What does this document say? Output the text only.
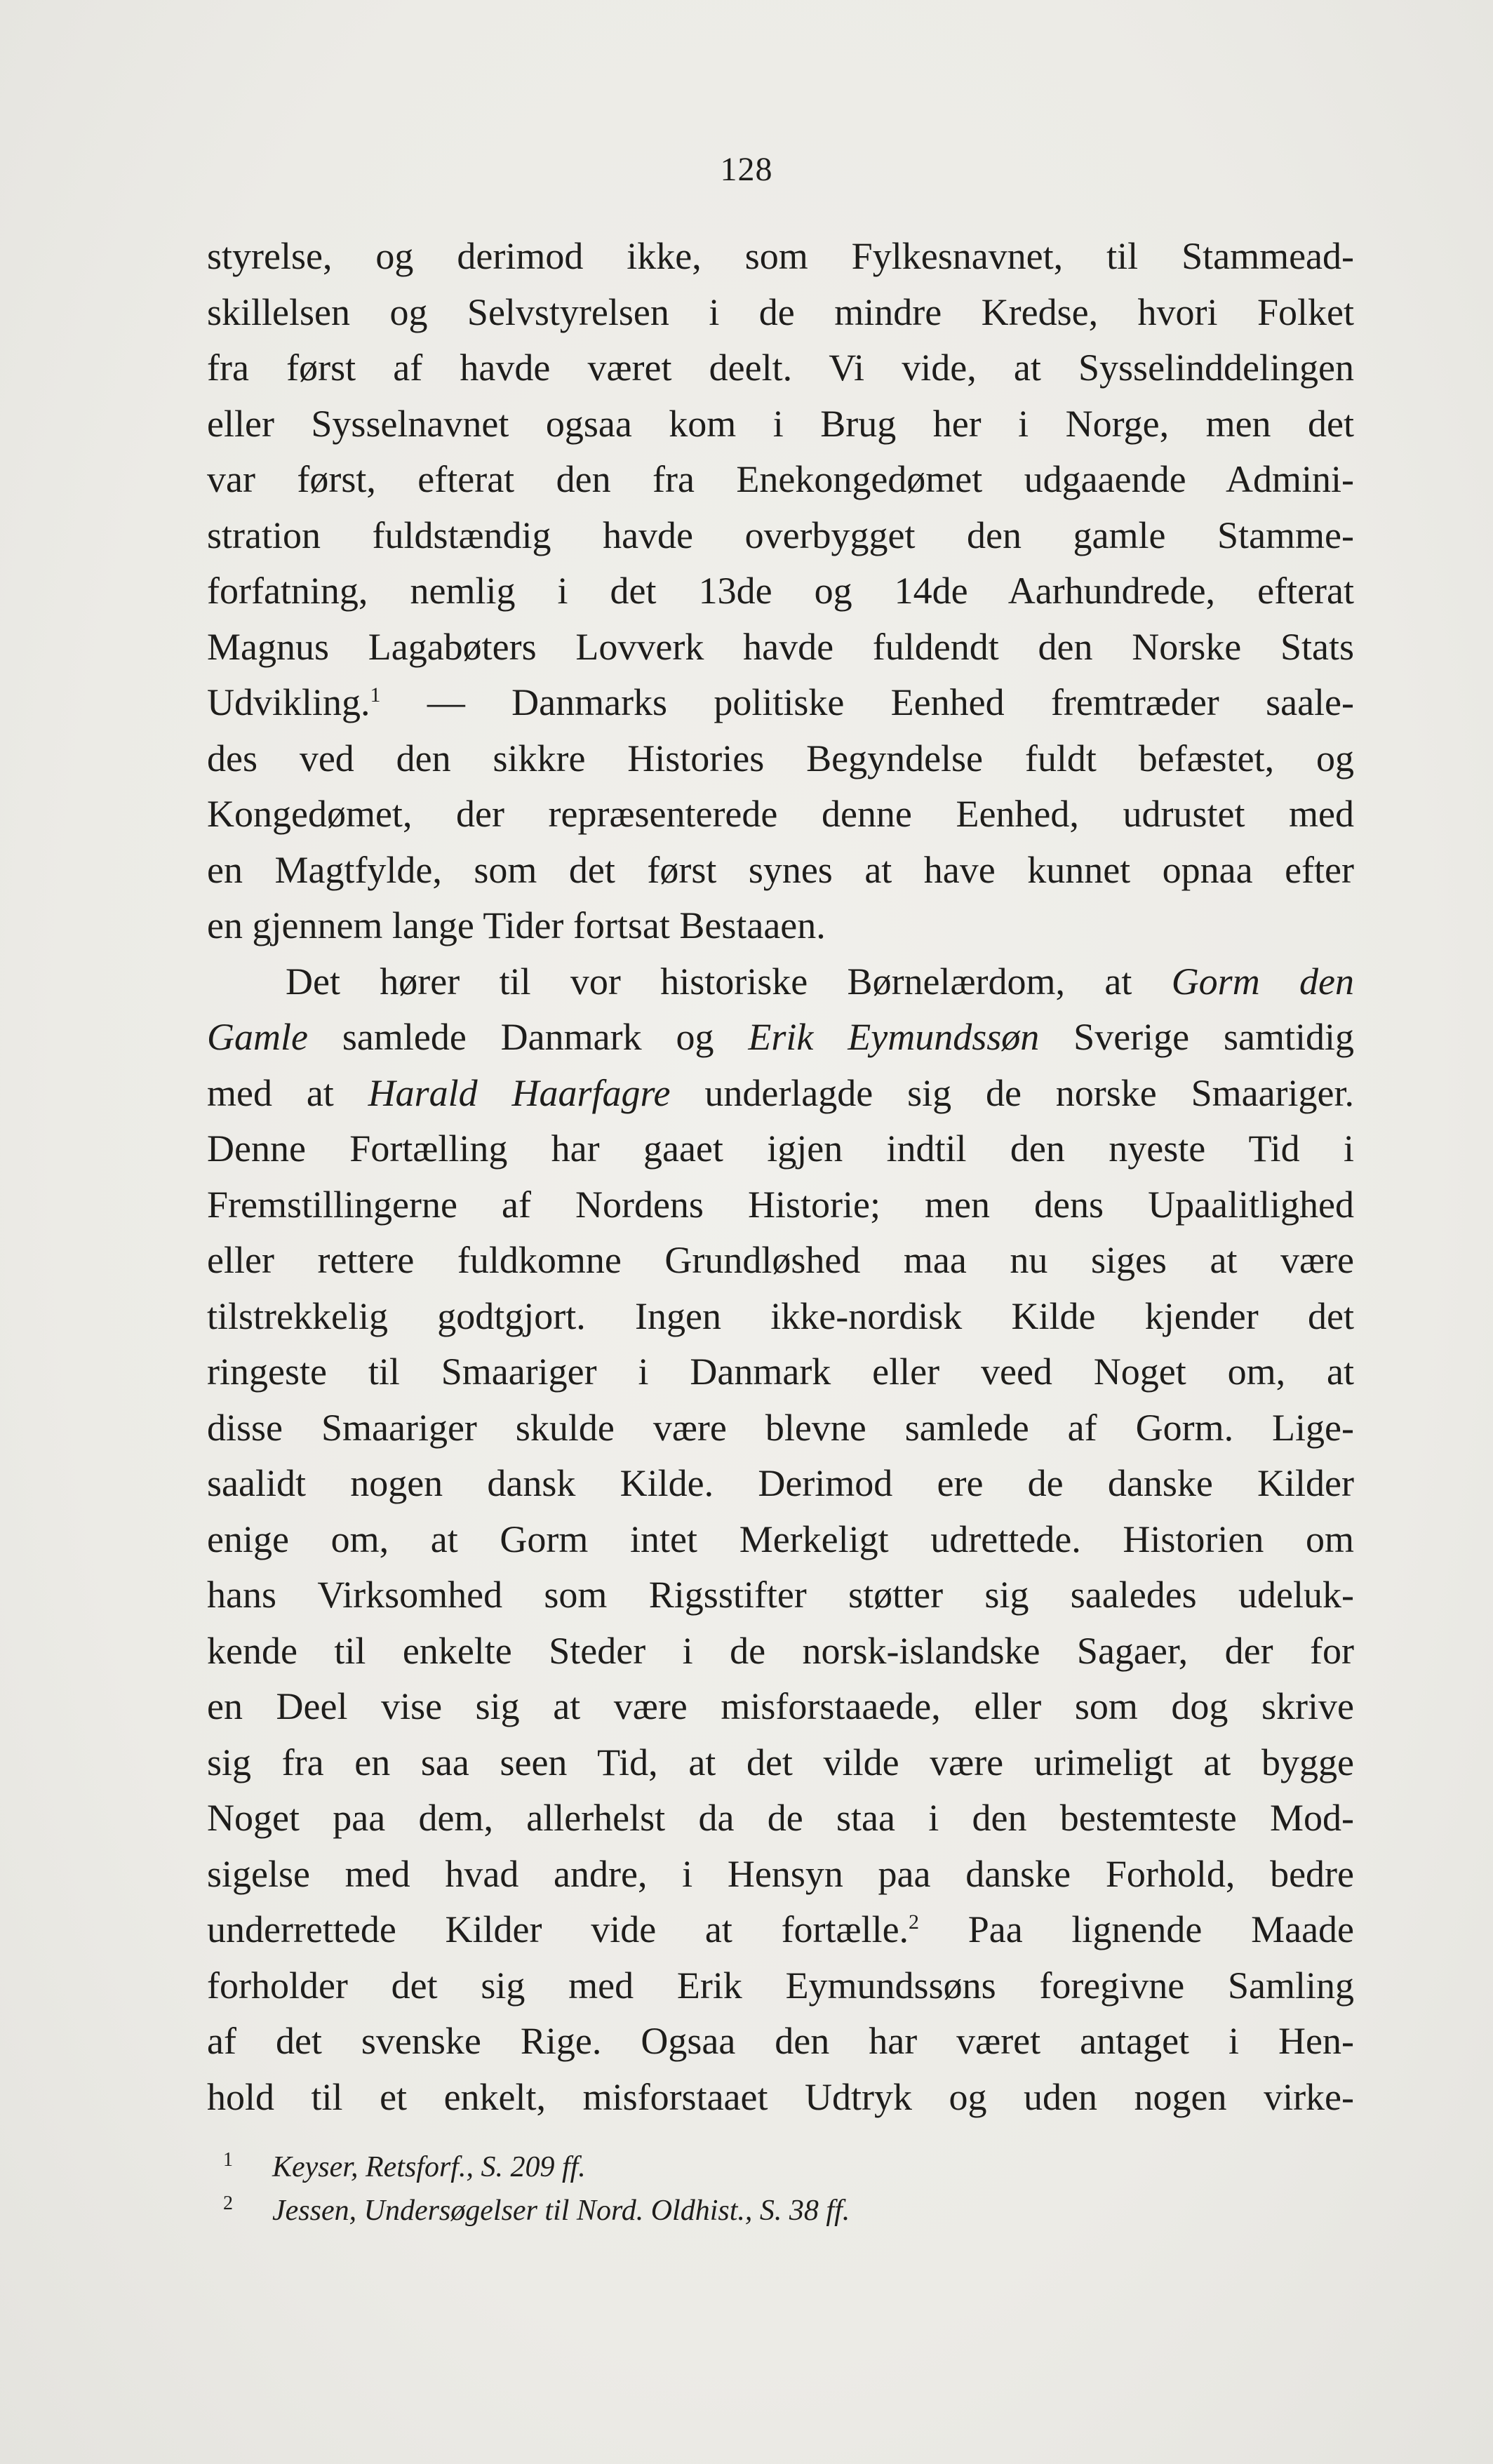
128
styrelse, og derimod ikke, som Fylkesnavnet, til Stammead-
skillelsen og Selvstyrelsen i de mindre Kredse, hvori Folket
fra først af havde været deelt. Vi vide, at Sysselinddelingen
eller Sysselnavnet ogsaa kom i Brug her i Norge, men det
var først, efterat den fra Enekongedømet udgaaende Admini-
stration fuldstændig havde overbygget den gamle Stamme-
forfatning, nemlig i det 13de og 14de Aarhundrede, efterat
Magnus Lagabøters Lovverk havde fuldendt den Norske Stats
Udvikling.$^1$ — Danmarks politiske Eenhed fremtræder saale-
des ved den sikkre Histories Begyndelse fuldt befæstet, og
Kongedømet, der repræsenterede denne Eenhed, udrustet med
en Magtfylde, som det først synes at have kunnet opnaa efter
en gjennem lange Tider fortsat Bestaaen.
Det hører til vor historiske Børnelærdom, at Gorm den
Gamle samlede Danmark og Erik Eymundssøn Sverige samtidig
med at Harald Haarfagre underlagde sig de norske Smaariger.
Denne Fortælling har gaaet igjen indtil den nyeste Tid i
Fremstillingerne af Nordens Historie; men dens Upaalitlighed
eller rettere fuldkomne Grundløshed maa nu siges at være
tilstrekkelig godtgjort. Ingen ikke-nordisk Kilde kjender det
ringeste til Smaariger i Danmark eller veed Noget om, at
disse Smaariger skulde være blevne samlede af Gorm. Lige-
saalidt nogen dansk Kilde. Derimod ere de danske Kilder
enige om, at Gorm intet Merkeligt udrettede. Historien om
hans Virksomhed som Rigsstifter støtter sig saaledes udeluk-
kende til enkelte Steder i de norsk-islandske Sagaer, der for
en Deel vise sig at være misforstaaede, eller som dog skrive
sig fra en saa seen Tid, at det vilde være urimeligt at bygge
Noget paa dem, allerhelst da de staa i den bestemteste Mod-
sigelse med hvad andre, i Hensyn paa danske Forhold, bedre
underrettede Kilder vide at fortælle.$^2$ Paa lignende Maade
forholder det sig med Erik Eymundssøns foregivne Samling
af det svenske Rige. Ogsaa den har været antaget i Hen-
hold til et enkelt, misforstaaet Udtryk og uden nogen virke-
1 Keyser, Retsforf., S. 209 ff.
2 Jessen, Undersøgelser til Nord. Oldhist., S. 38 ff.
